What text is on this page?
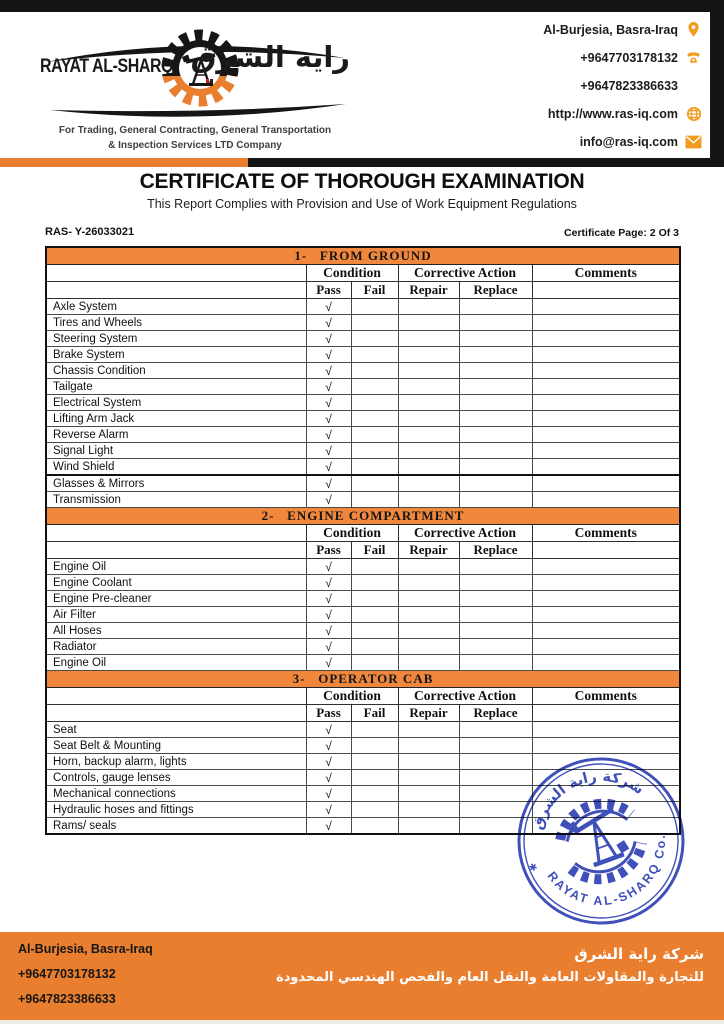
RAYAT AL-SHARQ راية الشرق
For Trading, General Contracting, General Transportation
& Inspection Services LTD Company
Al-Burjesia, Basra-Iraq
+9647703178132
+9647823386633
http://www.ras-iq.com
info@ras-iq.com
CERTIFICATE OF THOROUGH EXAMINATION
This Report Complies with Provision and Use of Work Equipment Regulations
RAS- Y-26033021	Certificate Page: 2 Of 3
1-   FROM GROUND					
	Condition		Corrective Action		Comments
	Pass	Fail	Repair	Replace	
Axle System	√				
Tires and Wheels	√				
Steering System	√				
Brake System	√				
Chassis Condition	√				
Tailgate	√				
Electrical System	√				
Lifting Arm Jack	√				
Reverse Alarm	√				
Signal Light	√				
Wind Shield	√				
Glasses & Mirrors	√				
Transmission	√				
2-   ENGINE COMPARTMENT					
	Condition		Corrective Action		Comments
	Pass	Fail	Repair	Replace	
Engine Oil	√				
Engine Coolant	√				
Engine Pre-cleaner	√				
Air Filter	√				
All Hoses	√				
Radiator	√				
Engine Oil	√				
3-   OPERATOR CAB					
	Condition		Corrective Action		Comments
	Pass	Fail	Repair	Replace	
Seat	√				
Seat Belt & Mounting	√				
Horn, backup alarm, lights	√				
Controls, gauge lenses	√				
Mechanical connections	√				
Hydraulic hoses and fittings	√				
Rams/ seals	√					شركة راية الشرق
RAYAT AL-SHARQ Co.
✱
Al-Burjesia, Basra-Iraq
+9647703178132
+9647823386633
شركة راية الشرق
للتجارة والمقاولات العامة والنقل العام والفحص الهندسي المحدودة
